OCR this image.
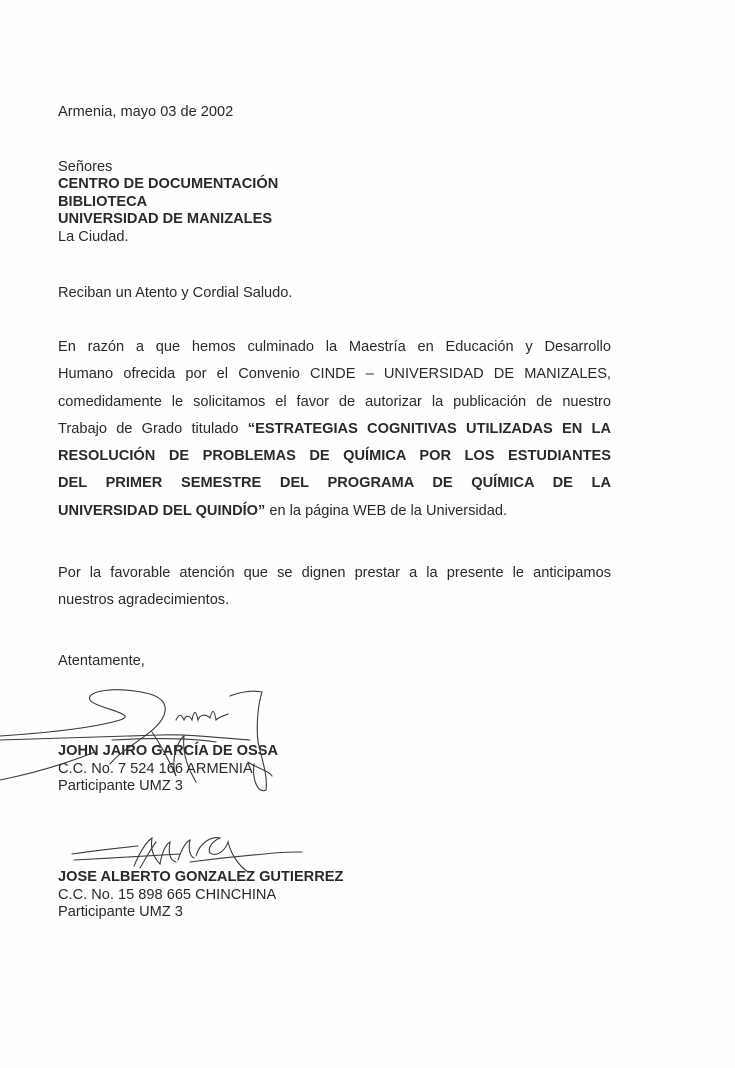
Armenia, mayo 03 de 2002
Señores
CENTRO DE DOCUMENTACIÓN
BIBLIOTECA
UNIVERSIDAD DE MANIZALES
La Ciudad.
Reciban un Atento y Cordial Saludo.
En razón a que hemos culminado la Maestría en Educación y Desarrollo
Humano ofrecida por el Convenio CINDE – UNIVERSIDAD DE MANIZALES,
comedidamente le solicitamos el favor de autorizar la publicación de nuestro
Trabajo de Grado titulado “ESTRATEGIAS COGNITIVAS UTILIZADAS EN LA
RESOLUCIÓN DE PROBLEMAS DE QUÍMICA POR LOS ESTUDIANTES
DEL PRIMER SEMESTRE DEL PROGRAMA DE QUÍMICA DE LA
UNIVERSIDAD DEL QUINDÍO” en la página WEB de la Universidad.
Por la favorable atención que se dignen prestar a la presente le anticipamos
nuestros agradecimientos.
Atentamente,
JOHN JAIRO GARCÍA DE OSSA
C.C. No. 7 524 166 ARMENIA
Participante UMZ 3
JOSE ALBERTO GONZALEZ GUTIERREZ
C.C. No. 15 898 665 CHINCHINA
Participante UMZ 3
